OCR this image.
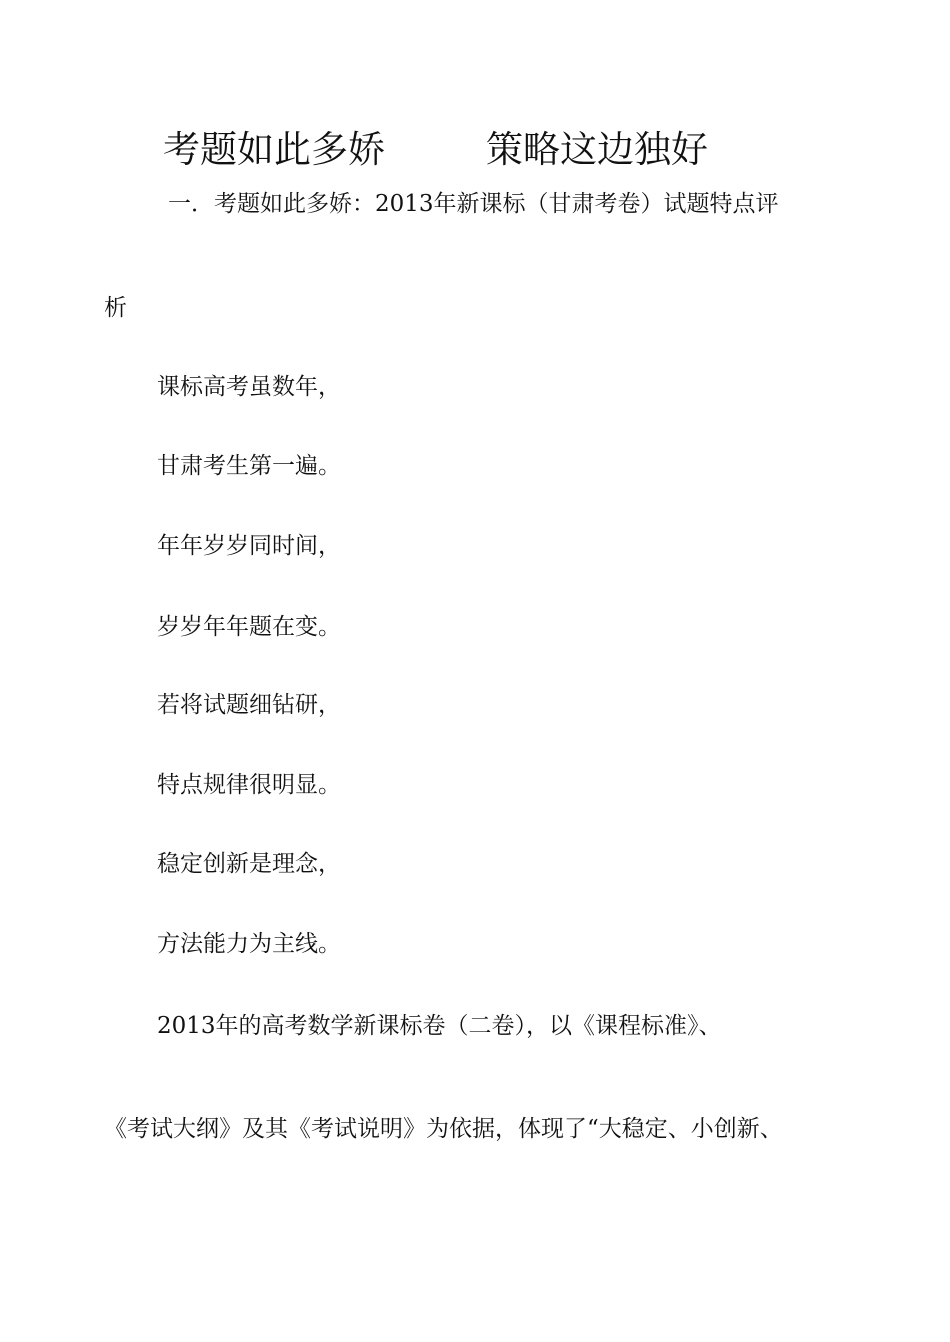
考题如此多娇	策略这边独好
一．考题如此多娇：2013年新课标（甘肃考卷）试题特点评
析
课标高考虽数年，
甘肃考生第一遍。
年年岁岁同时间，
岁岁年年题在变。
若将试题细钻研，
特点规律很明显。
稳定创新是理念，
方法能力为主线。
2013年的高考数学新课标卷（二卷），以《课程标准》、
《考试大纲》及其《考试说明》为依据，体现了“大稳定、小创新、
